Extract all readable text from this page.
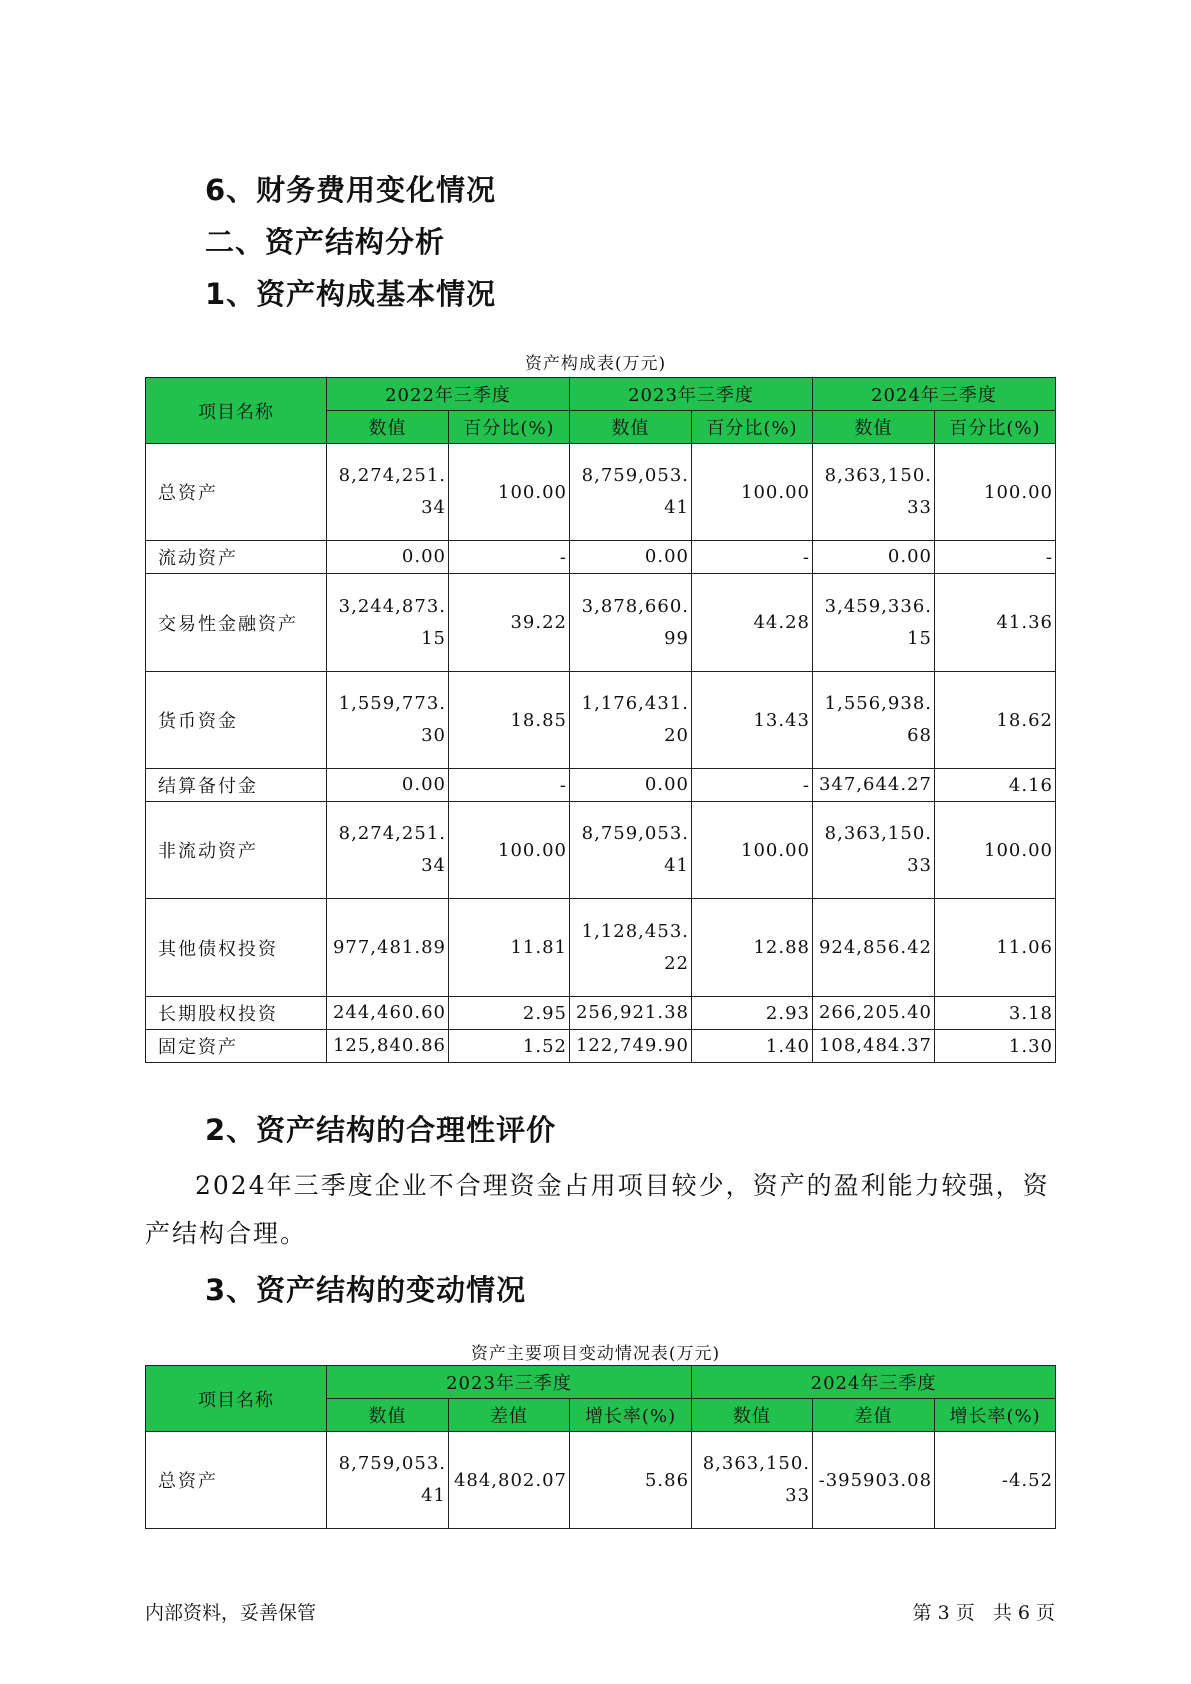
6、财务费用变化情况
二、资产结构分析
1、资产构成基本情况
资产构成表(万元)
项目名称	2022年三季度		2023年三季度		2024年三季度	
	数值	百分比(%)	数值	百分比(%)	数值	百分比(%)
总资产	8,274,251.34	100.00	8,759,053.41	100.00	8,363,150.33	100.00
流动资产	0.00	-	0.00	-	0.00	-
交易性金融资产	3,244,873.15	39.22	3,878,660.99	44.28	3,459,336.15	41.36
货币资金	1,559,773.30	18.85	1,176,431.20	13.43	1,556,938.68	18.62
结算备付金	0.00	-	0.00	-	347,644.27	4.16
非流动资产	8,274,251.34	100.00	8,759,053.41	100.00	8,363,150.33	100.00
其他债权投资	977,481.89	11.81	1,128,453.22	12.88	924,856.42	11.06
长期股权投资	244,460.60	2.95	256,921.38	2.93	266,205.40	3.18
固定资产	125,840.86	1.52	122,749.90	1.40	108,484.37	1.30
2、资产结构的合理性评价

2024年三季度企业不合理资金占用项目较少，资产的盈利能力较强，资产结构合理。

3、资产结构的变动情况
资产主要项目变动情况表(万元)
项目名称	2023年三季度			2024年三季度		
	数值	差值	增长率(%)	数值	差值	增长率(%)
总资产	8,759,053.41	484,802.07	5.86	8,363,150.33	-395903.08	-4.52
内部资料，妥善保管	第 3 页   共 6 页
